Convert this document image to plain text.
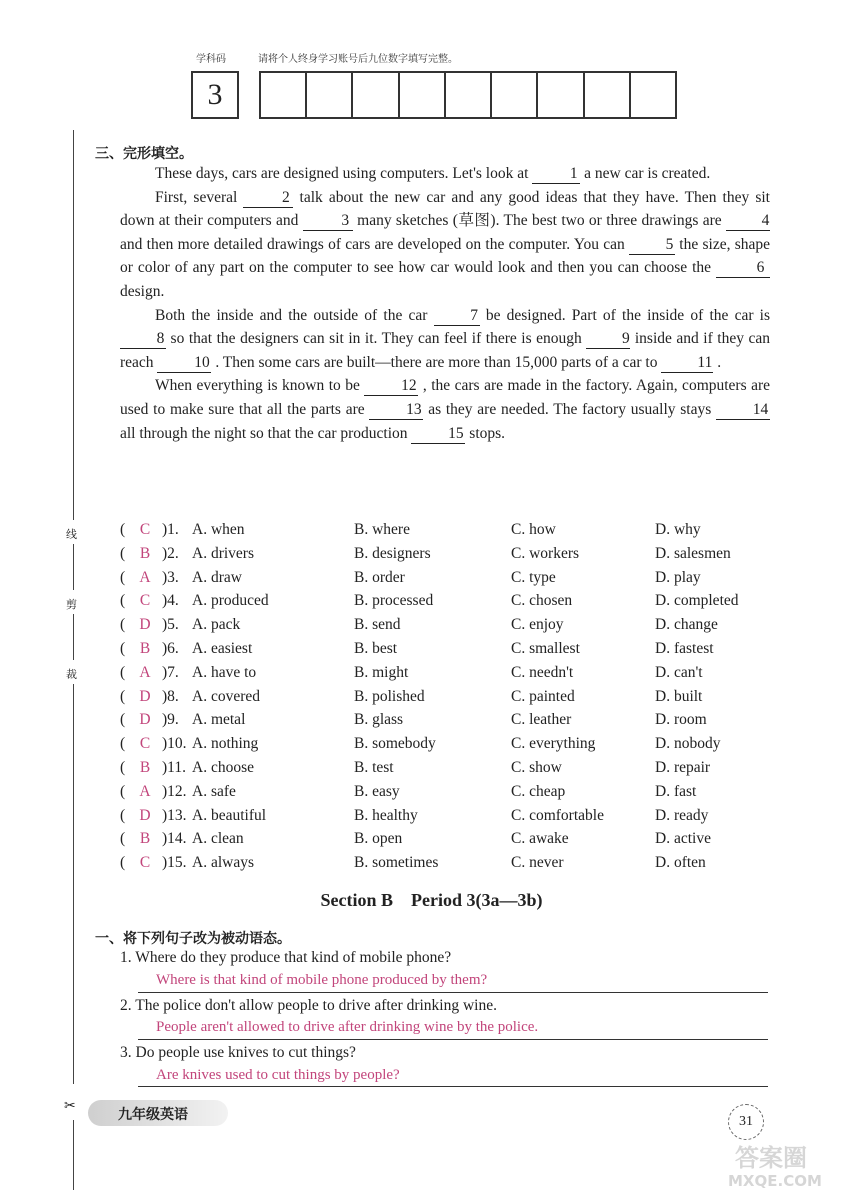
学科码	请将个人终身学习账号后九位数字填写完整。
3
线
剪
裁
✂
三、完形填空。

These days, cars are designed using computers. Let's look at	1 a new car is created.

First, several	2 talk about the new car and any good ideas that they have. Then they sit down at their computers and	3 many sketches (草图). The best two or three drawings are	4 and then more detailed drawings of cars are developed on the computer. You can	5 the size, shape or color of any part on the computer to see how car would look and then you can choose the	6 design.

Both the inside and the outside of the car	7 be designed. Part of the inside of the car is 8 so that the designers can sit in it. They can feel if there is enough	9 inside and if they can reach	10 . Then some cars are built—there are more than 15,000 parts of a car to	11 .

When everything is known to be	12 , the cars are made in the factory. Again, computers are used to make sure that all the parts are	13 as they are needed. The factory usually stays	14 all through the night so that the car production	15 stops.

( C )1. A. when	B. where	C. how	D. why
( B )2. A. drivers	B. designers	C. workers	D. salesmen
( A )3. A. draw	B. order	C. type	D. play
( C )4. A. produced	B. processed	C. chosen	D. completed
( D )5. A. pack	B. send	C. enjoy	D. change
( B )6. A. easiest	B. best	C. smallest	D. fastest
( A )7. A. have to	B. might	C. needn't	D. can't
( D )8. A. covered	B. polished	C. painted	D. built
( D )9. A. metal	B. glass	C. leather	D. room
( C )10. A. nothing	B. somebody	C. everything	D. nobody
( B )11. A. choose	B. test	C. show	D. repair
( A )12. A. safe	B. easy	C. cheap	D. fast
( D )13. A. beautiful	B. healthy	C. comfortable	D. ready
( B )14. A. clean	B. open	C. awake	D. active
( C )15. A. always	B. sometimes	C. never	D. often
Section B　Period 3(3a—3b)
一、将下列句子改为被动语态。
1. Where do they produce that kind of mobile phone?
Where is that kind of mobile phone produced by them?
2. The police don't allow people to drive after drinking wine.
People aren't allowed to drive after drinking wine by the police.
3. Do people use knives to cut things?
Are knives used to cut things by people?
九年级英语	31
答案圈
MXQE.COM
